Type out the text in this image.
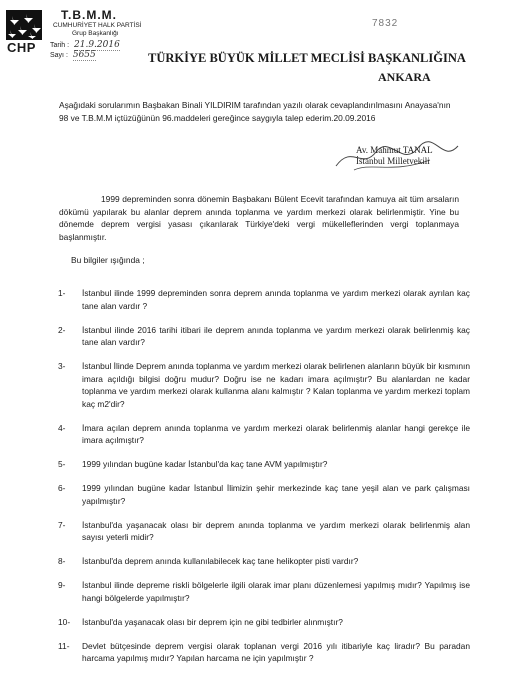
CHP
T.B.M.M.
CUMHURİYET HALK PARTİSİ
Grup Başkanlığı
Tarih : 21.9.2016
Sayı : 5655
7832
TÜRKİYE BÜYÜK MİLLET MECLİSİ BAŞKANLIĞINA
ANKARA
Aşağıdaki sorularımın Başbakan Binali YILDIRIM tarafından yazılı olarak cevaplandırılmasını Anayasa'nın 98 ve T.B.M.M içtüzüğünün 96.maddeleri gereğince saygıyla talep ederim.20.09.2016
Av. Mahmut TANAL
İstanbul Milletvekili
1999 depreminden sonra dönemin Başbakanı Bülent Ecevit tarafından kamuya ait tüm arsaların dökümü yapılarak bu alanlar deprem anında toplanma ve yardım merkezi olarak belirlenmiştir. Yine bu dönemde deprem vergisi yasası çıkarılarak Türkiye'deki vergi mükelleflerinden vergi toplanmaya başlanmıştır.
Bu bilgiler ışığında ;
1-	İstanbul ilinde 1999 depreminden sonra deprem anında toplanma ve yardım merkezi olarak ayrılan kaç tane alan vardır ?
2-	İstanbul ilinde 2016 tarihi itibari ile deprem anında toplanma ve yardım merkezi olarak belirlenmiş kaç tane alan vardır?
3-	İstanbul İlinde Deprem anında toplanma ve yardım merkezi olarak belirlenen alanların büyük bir kısmının imara açıldığı bilgisi doğru mudur? Doğru ise ne kadarı imara açılmıştır? Bu alanlardan ne kadar toplanma ve yardım merkezi olarak kullanma alanı kalmıştır ? Kalan toplanma ve yardım merkezi toplam kaç m2'dir?
4-	İmara açılan deprem anında toplanma ve yardım merkezi olarak belirlenmiş alanlar hangi gerekçe ile imara açılmıştır?
5-	1999 yılından bugüne kadar İstanbul'da kaç tane AVM yapılmıştır?
6-	1999 yılından bugüne kadar İstanbul İlimizin şehir merkezinde kaç tane yeşil alan ve park çalışması yapılmıştır?
7-	İstanbul'da yaşanacak olası bir deprem anında toplanma ve yardım merkezi olarak belirlenmiş alan sayısı yeterli midir?
8-	İstanbul'da deprem anında kullanılabilecek kaç tane helikopter pisti vardır?
9-	İstanbul ilinde depreme riskli bölgelerle ilgili olarak imar planı düzenlemesi yapılmış mıdır? Yapılmış ise hangi bölgelerde yapılmıştır?
10-	İstanbul'da yaşanacak olası bir deprem için ne gibi tedbirler alınmıştır?
11-	Devlet bütçesinde deprem vergisi olarak toplanan vergi 2016 yılı itibariyle kaç liradır? Bu paradan harcama yapılmış mıdır? Yapılan harcama ne için yapılmıştır ?
